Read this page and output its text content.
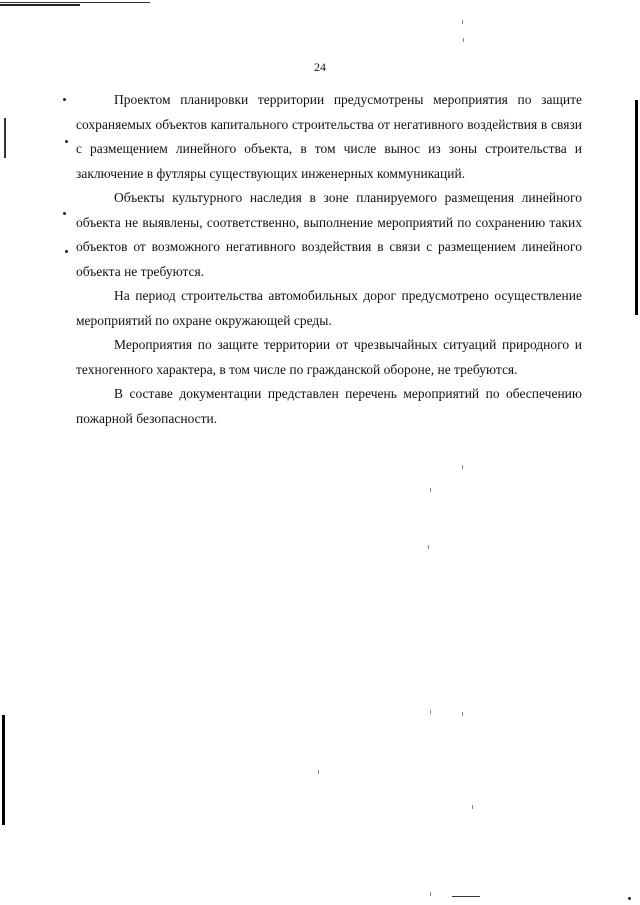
24

Проектом планировки территории предусмотрены мероприятия по защите сохраняемых объектов капитального строительства от негативного воздействия в связи с размещением линейного объекта, в том числе вынос из зоны строительства и заключение в футляры существующих инженерных коммуникаций.

Объекты культурного наследия в зоне планируемого размещения линейного объекта не выявлены, соответственно, выполнение мероприятий по сохранению таких объектов от возможного негативного воздействия в связи с размещением линейного объекта не требуются.

На период строительства автомобильных дорог предусмотрено осуществление мероприятий по охране окружающей среды.

Мероприятия по защите территории от чрезвычайных ситуаций природного и техногенного характера, в том числе по гражданской обороне, не требуются.

В составе документации представлен перечень мероприятий по обеспечению пожарной безопасности.
